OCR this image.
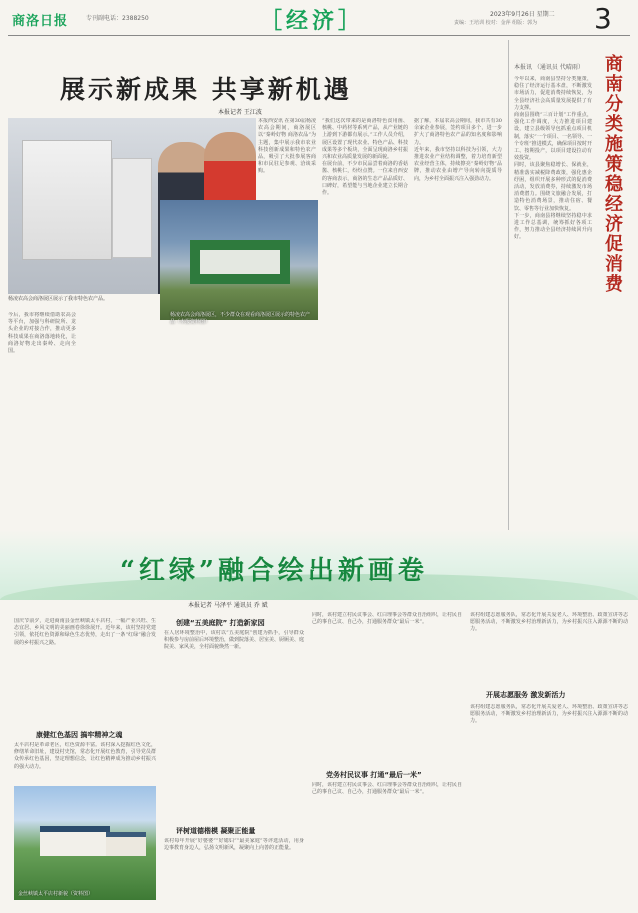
商洛日报	专刊副电话：2388250	［经济］	2023年9月26日 星期二
责编：王培训 校对：金萍 组版：郭为 3
展示新成果 共享新机遇
本报记者 王江波
杨凌农高会商洛展区展示了我市特色农产品。

本报西安讯 在第30届杨凌农高会期间，商洛展区以“秦岭好物 商洛农品”为主题，集中展示我市农业科技创新成果和特色农产品，吸引了大批参展客商和市民驻足参观、洽谈采购。

杨凌农高会商洛展区，不少群众在观看商洛展区展示的特色农产品（本报资料图）

“我们这次带来的是商洛特色食用菌、核桃、中药材等系列产品，从产业链的上游到下游都有展示。”工作人员介绍，展区设置了现代农业、特色产品、科技成果等多个板块，全面呈现商洛乡村振兴和农业高质量发展的新面貌。

在展台前，不少市民品尝着商洛的香菇酱、核桃仁，纷纷点赞。一位来自西安的客商表示，商洛的生态产品品质好、口碑好，希望能与当地企业建立长期合作。

据了解，本届农高会期间，我市共有30余家企业参展，签约项目多个，进一步扩大了商洛特色农产品的知名度和影响力。

近年来，我市坚持以科技为引领，大力推进农业产业结构调整，着力培育新型农业经营主体，持续擦亮“秦岭好物”品牌，推动农业由增产导向转向提质导向，为乡村全面振兴注入强劲动力。

今后，我市将继续借助农高会等平台，加强与科研院所、龙头企业的对接合作，推动更多科技成果在商洛落地转化，让商洛好物走出秦岭、走向全国。

商南分类施策稳经济促消费
本报讯 （通讯员 代晴雨）

今年以来，商南县坚持分类施策，稳住了经济运行基本盘，不断激发市场活力，促进消费持续恢复，为全县经济社会高质量发展提供了有力支撑。

商南县围绕“三百计划”工作重点，强化工作调度，大力推进项目建设，建立县级领导包抓重点项目机制，落实“一个项目、一名领导、一个专班”推进模式，确保项目按时开工、按期投产，以项目建设拉动有效投资。

同时，该县聚焦稳增长、保就业，精准落实减税降费政策，强化惠企纾困，组织开展多种形式的促消费活动，发放消费券，持续激发市场消费潜力。围绕文旅融合发展，打造特色消费场景，推动住宿、餐饮、零售等行业加快恢复。

下一步，商南县将继续坚持稳中求进工作总基调，统筹抓好各项工作，努力推动全县经济持续回升向好。

“红绿”融合绘出新画卷
本报记者 马泽平 通讯员 乔 斌

国庆节前夕，走进商南县金丝峡镇太平店村，一幅产业兴旺、生态宜居、乡风文明的美丽画卷徐徐展开。近年来，该村坚持党建引领，依托红色资源和绿色生态优势，走出了一条“红绿”融合发展的乡村振兴之路。

康健红色基因 搞牢精神之魂

太平店村是革命老区，红色资源丰富。该村深入挖掘红色文化，修缮革命旧址，建设村史馆，常态化开展红色教育，引导党员群众传承红色基因，坚定理想信念，让红色精神成为推动乡村振兴的强大动力。

金丝峡镇太平店村新貌（资料图）
创建“五美庭院” 打造新家园

在人居环境整治中，该村以“五美庭院”创建为抓手，引导群众积极参与房前屋后环境整治，做到院落美、居室美、厨厕美、庭院美、家风美，全村面貌焕然一新。

评树道德楷模 凝聚正能量

该村每年开展“好婆婆”“好媳妇”“最美家庭”等评选活动，用身边事教育身边人，弘扬文明新风，凝聚向上向善的正能量。

党务村民议事 打通“最后一米”

同时，该村建立村民议事会、红白理事会等群众自治组织，让村民自己的事自己议、自己办，打通服务群众“最后一米”。

同时，该村建立村民议事会、红白理事会等群众自治组织，让村民自己的事自己议、自己办，打通服务群众“最后一米”。

开展志愿服务 激发新活力

该村组建志愿服务队，常态化开展关爱老人、环境整治、政策宣讲等志愿服务活动，不断激发乡村治理新活力，为乡村振兴注入源源不断的动力。

该村组建志愿服务队，常态化开展关爱老人、环境整治、政策宣讲等志愿服务活动，不断激发乡村治理新活力，为乡村振兴注入源源不断的动力。
